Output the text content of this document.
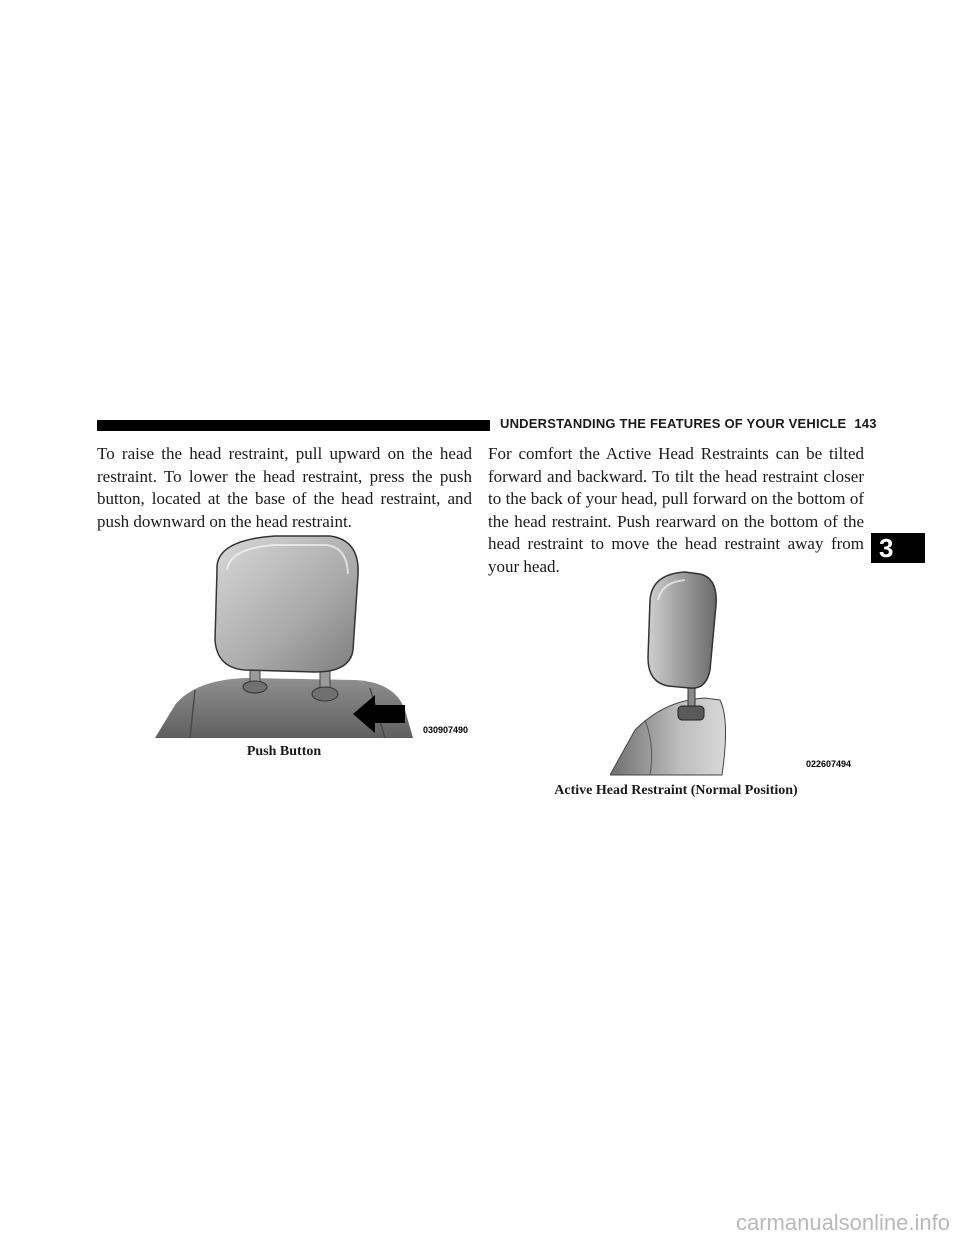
UNDERSTANDING THE FEATURES OF YOUR VEHICLE 143

To raise the head restraint, pull upward on the head restraint. To lower the head restraint, press the push button, located at the base of the head restraint, and push downward on the head restraint.

For comfort the Active Head Restraints can be tilted forward and backward. To tilt the head restraint closer to the back of your head, pull forward on the bottom of the head restraint. Push rearward on the bottom of the head restraint to move the head restraint away from your head.

030907490
Push Button
022607494
Active Head Restraint (Normal Position)
3
carmanualsonline.info
